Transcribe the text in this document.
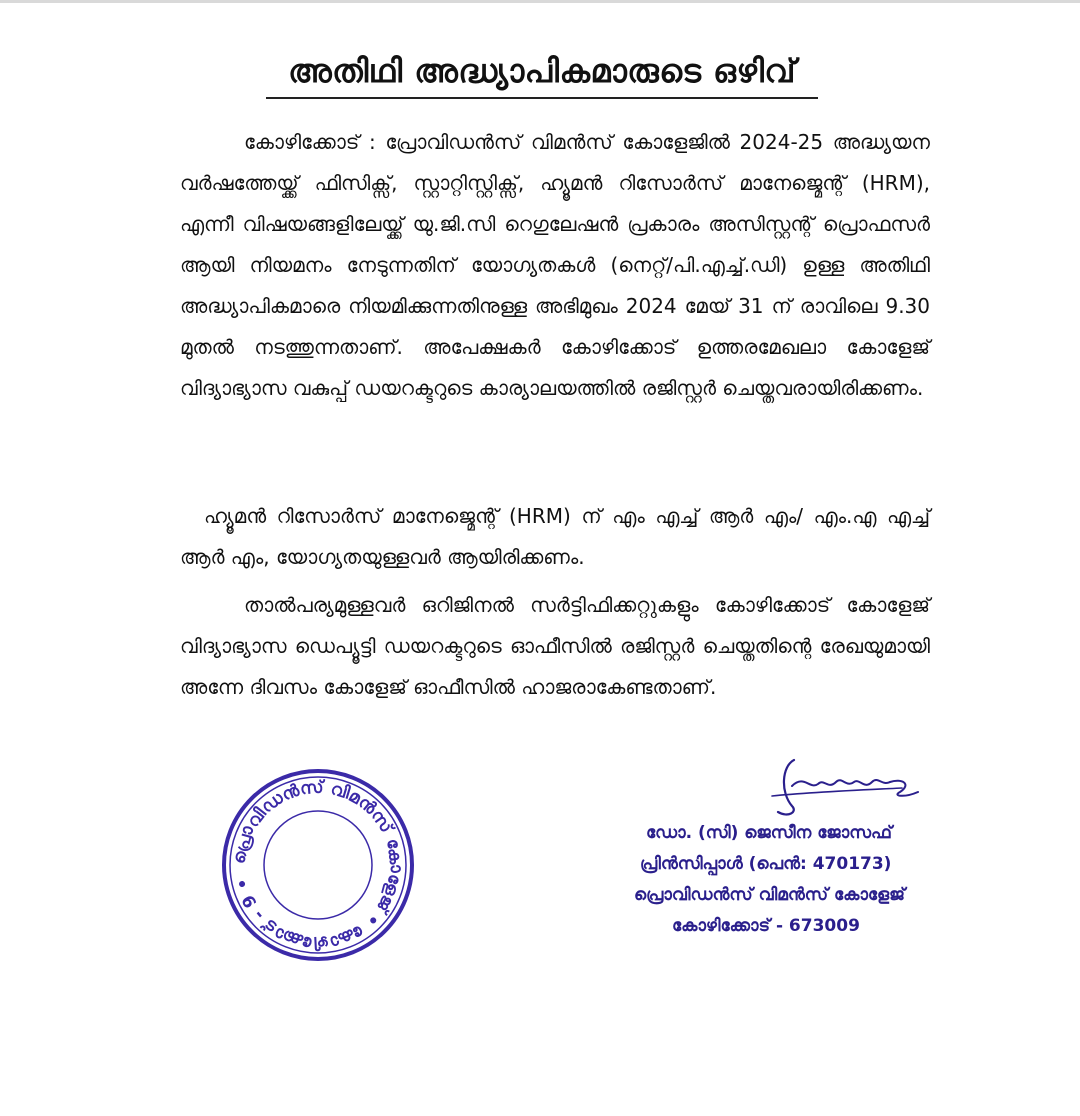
അതിഥി അദ്ധ്യാപികമാരുടെ ഒഴിവ്

കോഴിക്കോട് : പ്രോവിഡൻസ് വിമൻസ് കോളേജിൽ 2024-25 അദ്ധ്യയന വർഷത്തേയ്ക്ക് ഫിസിക്സ്, സ്റ്റാറ്റിസ്റ്റിക്സ്, ഹ്യൂമൻ റിസോർസ് മാനേജ്മെന്റ് (HRM), എന്നീ വിഷയങ്ങളിലേയ്ക്ക് യു.ജി.സി റെഗുലേഷൻ പ്രകാരം അസിസ്റ്റന്റ് പ്രൊഫസർ ആയി നിയമനം നേടുന്നതിന് യോഗ്യതകൾ (നെറ്റ്/പി.എച്ച്.ഡി) ഉള്ള അതിഥി അദ്ധ്യാപികമാരെ നിയമിക്കുന്നതിനുള്ള അഭിമുഖം 2024 മേയ് 31 ന് രാവിലെ 9.30 മുതൽ നടത്തുന്നതാണ്. അപേക്ഷകർ കോഴിക്കോട് ഉത്തരമേഖലാ കോളേജ് വിദ്യാഭ്യാസ വകുപ്പ് ഡയറക്ടറുടെ കാര്യാലയത്തിൽ രജിസ്റ്റർ ചെയ്തവരായിരിക്കണം.

ഹ്യൂമൻ റിസോർസ് മാനേജ്മെന്റ് (HRM) ന് എം എച്ച് ആർ എം/ എം.എ എച്ച് ആർ എം, യോഗ്യതയുള്ളവർ ആയിരിക്കണം.

താൽപര്യമുള്ളവർ ഒറിജിനൽ സർട്ടിഫിക്കറ്റുകളും കോഴിക്കോട് കോളേജ് വിദ്യാഭ്യാസ ഡെപ്യൂട്ടി ഡയറക്ടറുടെ ഓഫീസിൽ രജിസ്റ്റർ ചെയ്തതിന്റെ രേഖയുമായി അന്നേ ദിവസം കോളേജ് ഓഫീസിൽ ഹാജരാകേണ്ടതാണ്.

പ്രൊവിഡൻസ് വിമൻസ് കോളേജ് • കോഴിക്കോട് - 9 •
ഡോ. (സി) ജെസീന ജോസഫ്
പ്രിൻസിപ്പാൾ (പെൻ: 470173)
പ്രൊവിഡൻസ് വിമൻസ് കോളേജ്
കോഴിക്കോട് - 673009
